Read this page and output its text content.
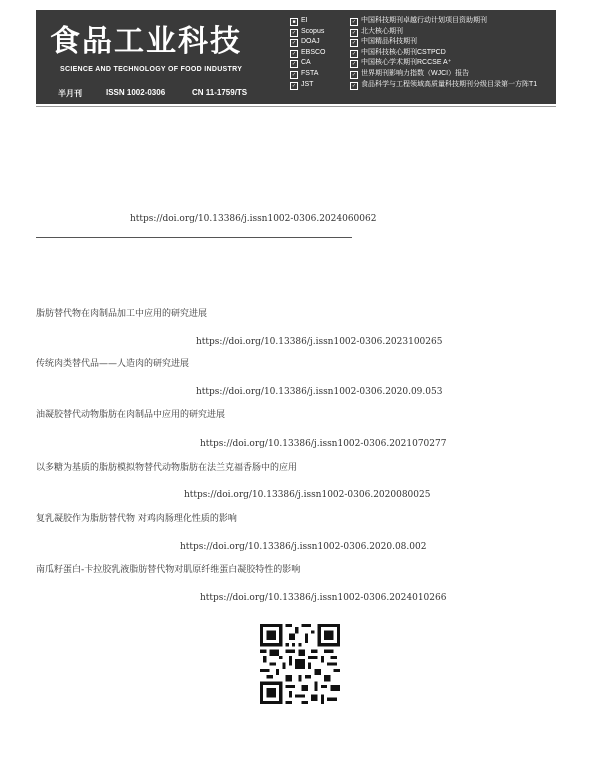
食品工业科技
SCIENCE AND TECHNOLOGY OF FOOD INDUSTRY
半月刊	ISSN 1002-0306	CN 11-1759/TS
■ EI
✓ Scopus
✓ DOAJ
✓ EBSCO
✓ CA
✓ FSTA
✓ JST
✓ 中国科技期刊卓越行动计划项目资助期刊
✓ 北大核心期刊
✓ 中国精品科技期刊
✓ 中国科技核心期刊CSTPCD
✓ 中国核心学术期刊RCCSE A⁺
✓ 世界期刊影响力指数（WJCI）报告
✓ 食品科学与工程领域高质量科技期刊分级目录第一方阵T1
https://doi.org/10.13386/j.issn1002-0306.2024060062
脂肪替代物在肉制品加工中应用的研究进展
https://doi.org/10.13386/j.issn1002-0306.2023100265
传统肉类替代品——人造肉的研究进展
https://doi.org/10.13386/j.issn1002-0306.2020.09.053
油凝胶替代动物脂肪在肉制品中应用的研究进展
https://doi.org/10.13386/j.issn1002-0306.2021070277
以多糖为基质的脂肪模拟物替代动物脂肪在法兰克福香肠中的应用
https://doi.org/10.13386/j.issn1002-0306.2020080025
复乳凝胶作为脂肪替代物 对鸡肉肠理化性质的影响
https://doi.org/10.13386/j.issn1002-0306.2020.08.002
南瓜籽蛋白-卡拉胶乳液脂肪替代物对肌原纤维蛋白凝胶特性的影响
https://doi.org/10.13386/j.issn1002-0306.2024010266
